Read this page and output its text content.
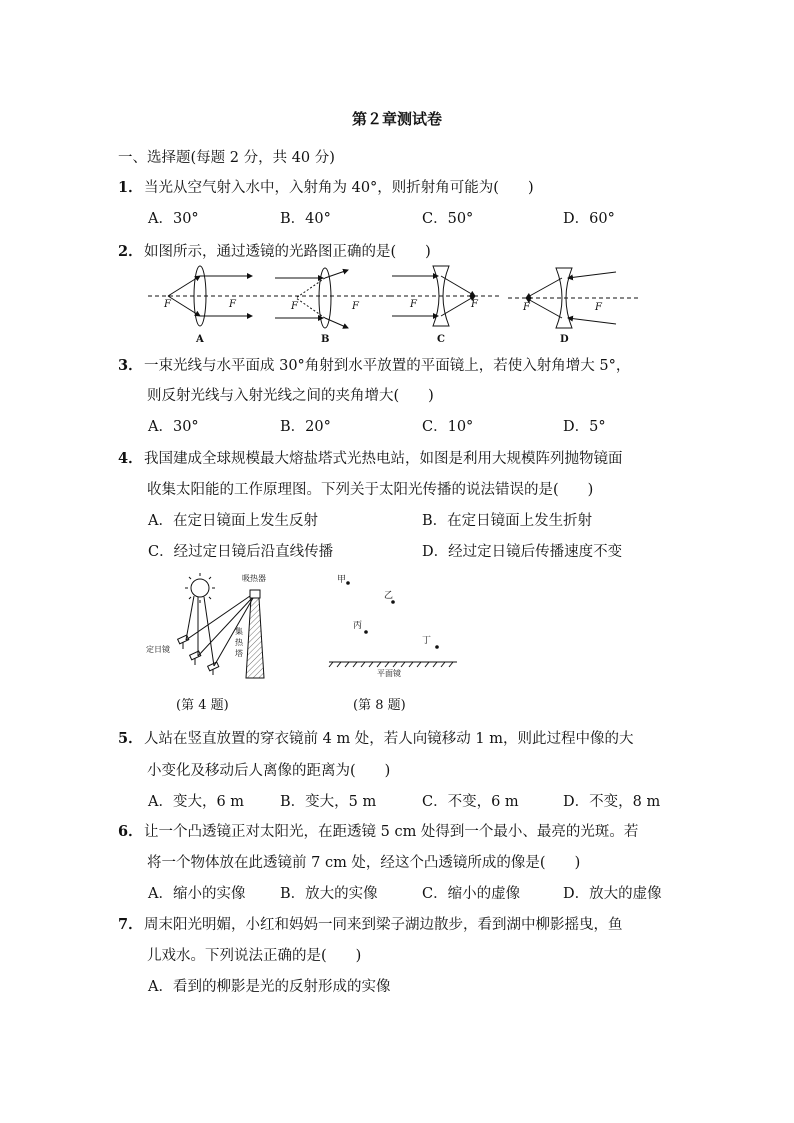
第２章测试卷
一、选择题(每题 2 分，共 40 分)
1．当光从空气射入水中，入射角为 40°，则折射角可能为(　　)
A．30°	B．40°	C．50°	D．60°
2．如图所示，通过透镜的光路图正确的是(　　)
F	F	F	F	F	F	F	F
A	B	C	D
3．一束光线与水平面成 30°角射到水平放置的平面镜上，若使入射角增大 5°，
则反射光线与入射光线之间的夹角增大(　　)
A．30°	B．20°	C．10°	D．5°
4．我国建成全球规模最大熔盐塔式光热电站，如图是利用大规模阵列抛物镜面
收集太阳能的工作原理图。下列关于太阳光传播的说法错误的是(　　)
A．在定日镜面上发生反射	B．在定日镜面上发生折射
C．经过定日镜后沿直线传播	D．经过定日镜后传播速度不变
吸热器
定日镜
集
热
塔
(第 4 题)
甲
乙
丙
丁
平面镜
(第 8 题)
5．人站在竖直放置的穿衣镜前 4 m 处，若人向镜移动 1 m，则此过程中像的大
小变化及移动后人离像的距离为(　　)
A．变大，6 m B．变大，5 m	C．不变，6 m	D．不变，8 m
6．让一个凸透镜正对太阳光，在距透镜 5 cm 处得到一个最小、最亮的光斑。若
将一个物体放在此透镜前 7 cm 处，经这个凸透镜所成的像是(　　)
A．缩小的实像 B．放大的实像	C．缩小的虚像	D．放大的虚像
7．周末阳光明媚，小红和妈妈一同来到梁子湖边散步，看到湖中柳影摇曳，鱼
儿戏水。下列说法正确的是(　　)
A．看到的柳影是光的反射形成的实像
